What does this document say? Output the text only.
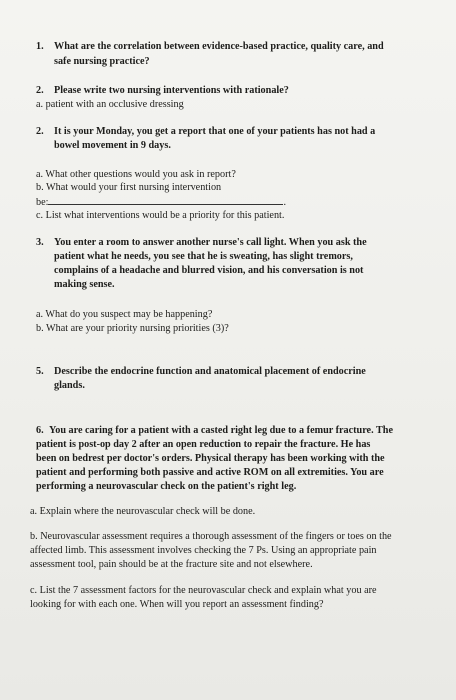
1. What are the correlation between evidence-based practice, quality care, and
safe nursing practice?
2. Please write two nursing interventions with rationale?
a. patient with an occlusive dressing
2. It is your Monday, you get a report that one of your patients has not had a
bowel movement in 9 days.
a. What other questions would you ask in report?
b. What would your first nursing intervention
be:	.
c. List what interventions would be a priority for this patient.
3. You enter a room to answer another nurse's call light. When you ask the
patient what he needs, you see that he is sweating, has slight tremors,
complains of a headache and blurred vision, and his conversation is not
making sense.
a. What do you suspect may be happening?
b. What are your priority nursing priorities (3)?
5. Describe the endocrine function and anatomical placement of endocrine
glands.
6. You are caring for a patient with a casted right leg due to a femur fracture. The
patient is post-op day 2 after an open reduction to repair the fracture. He has
been on bedrest per doctor's orders. Physical therapy has been working with the
patient and performing both passive and active ROM on all extremities. You are
performing a neurovascular check on the patient's right leg.
a. Explain where the neurovascular check will be done.
b. Neurovascular assessment requires a thorough assessment of the fingers or toes on the
affected limb. This assessment involves checking the 7 Ps. Using an appropriate pain
assessment tool, pain should be at the fracture site and not elsewhere.
c. List the 7 assessment factors for the neurovascular check and explain what you are
looking for with each one. When will you report an assessment finding?
